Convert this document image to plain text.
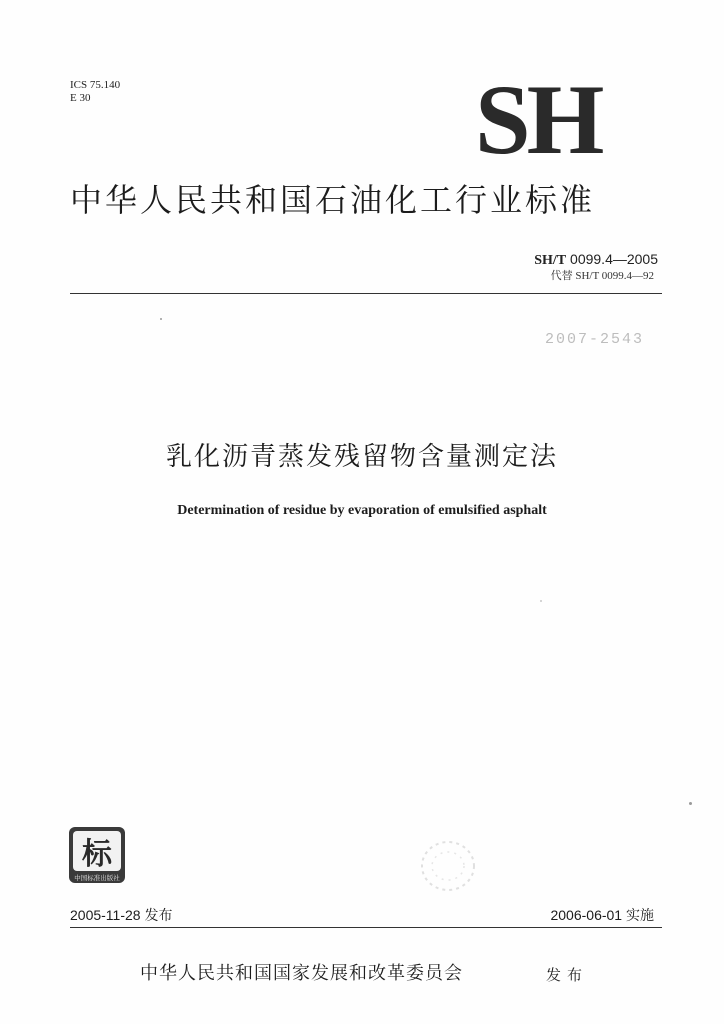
ICS 75.140
E 30	SH
中华人民共和国石油化工行业标准
SH/T 0099.4—2005
代替 SH/T 0099.4—92
2007-2543
乳化沥青蒸发残留物含量测定法
Determination of residue by evaporation of emulsified asphalt
标
中国标准出版社
2005-11-28 发布	2006-06-01 实施
中华人民共和国国家发展和改革委员会	发布
